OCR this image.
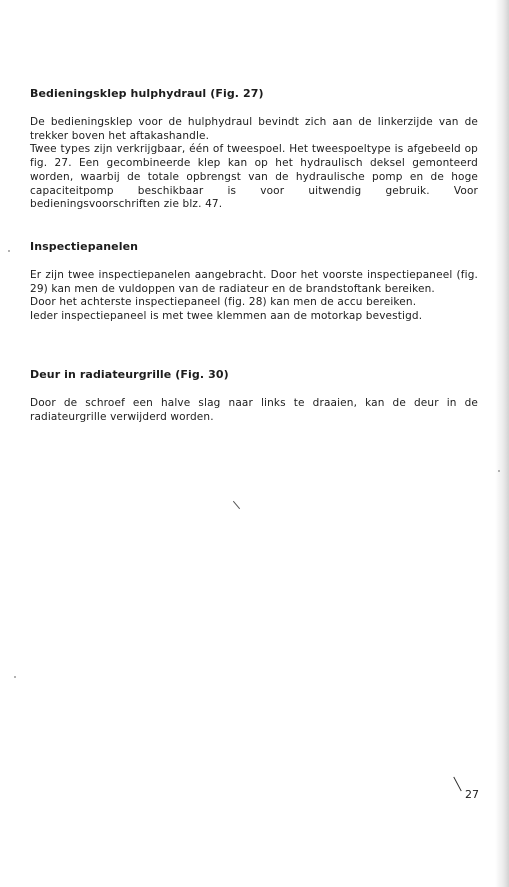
Bedieningsklep hulphydraul (Fig. 27)

De bedieningsklep voor de hulphydraul bevindt zich aan de linkerzijde van de trekker boven het aftakashandle.

Twee types zijn verkrijgbaar, één of tweespoel. Het tweespoeltype is afgebeeld op fig. 27. Een gecombineerde klep kan op het hydraulisch deksel gemonteerd worden, waarbij de totale opbrengst van de hydraulische pomp en de hoge capaciteitpomp beschikbaar is voor uitwendig gebruik. Voor bedieningsvoorschriften zie blz. 47.

Inspectiepanelen

Er zijn twee inspectiepanelen aangebracht. Door het voorste inspectiepaneel (fig. 29) kan men de vuldoppen van de radiateur en de brandstoftank bereiken.

Door het achterste inspectiepaneel (fig. 28) kan men de accu bereiken.

Ieder inspectiepaneel is met twee klemmen aan de motorkap bevestigd.

Deur in radiateurgrille (Fig. 30)

Door de schroef een halve slag naar links te draaien, kan de deur in de radiateurgrille verwijderd worden.

27
